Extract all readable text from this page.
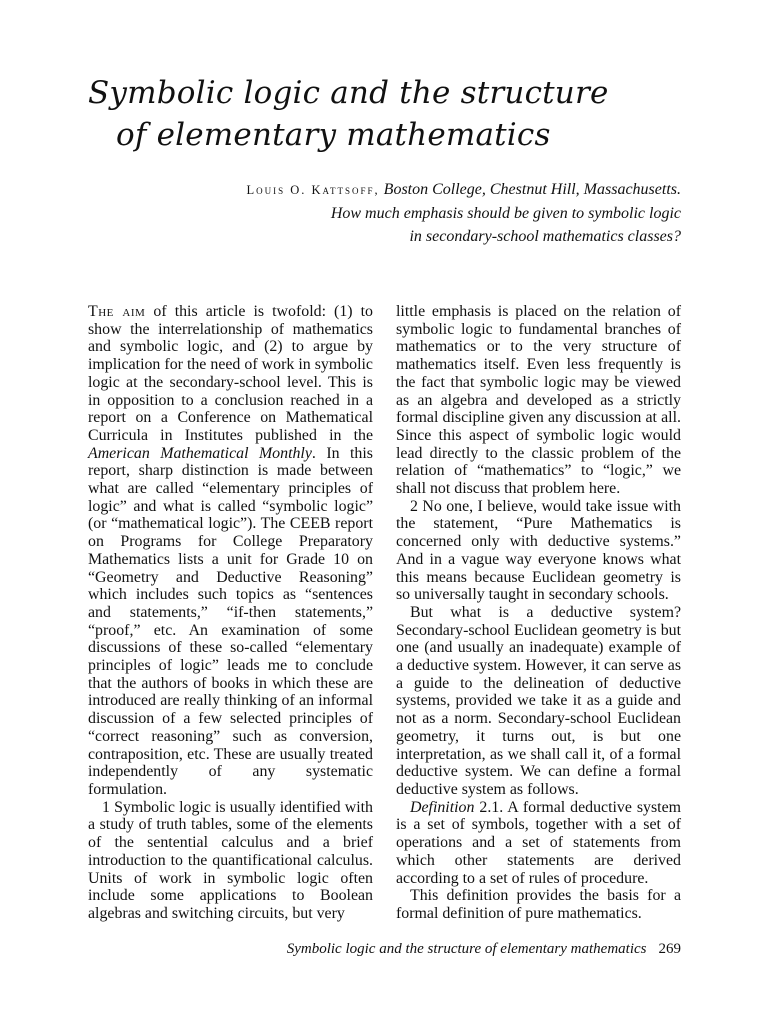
Symbolic logic and the structure
of elementary mathematics
Louis O. Kattsoff, Boston College, Chestnut Hill, Massachusetts.
How much emphasis should be given to symbolic logic
in secondary-school mathematics classes?

The aim of this article is twofold: (1) to show the interrelationship of mathematics and symbolic logic, and (2) to argue by implication for the need of work in symbolic logic at the secondary-school level. This is in opposition to a conclusion reached in a report on a Conference on Mathematical Curricula in Institutes published in the American Mathematical Monthly. In this report, sharp distinction is made between what are called “elementary principles of logic” and what is called “symbolic logic” (or “mathematical logic”). The CEEB report on Programs for College Preparatory Mathematics lists a unit for Grade 10 on “Geometry and Deductive Reasoning” which includes such topics as “sentences and statements,” “if-then statements,” “proof,” etc. An examination of some discussions of these so-called “elementary principles of logic” leads me to conclude that the authors of books in which these are introduced are really thinking of an informal discussion of a few selected principles of “correct reasoning” such as conversion, contraposition, etc. These are usually treated independently of any systematic formulation.

1 Symbolic logic is usually identified with a study of truth tables, some of the elements of the sentential calculus and a brief introduction to the quantificational calculus. Units of work in symbolic logic often include some applications to Boolean algebras and switching circuits, but very

little emphasis is placed on the relation of symbolic logic to fundamental branches of mathematics or to the very structure of mathematics itself. Even less frequently is the fact that symbolic logic may be viewed as an algebra and developed as a strictly formal discipline given any discussion at all. Since this aspect of symbolic logic would lead directly to the classic problem of the relation of “mathematics” to “logic,” we shall not discuss that problem here.

2 No one, I believe, would take issue with the statement, “Pure Mathematics is concerned only with deductive systems.” And in a vague way everyone knows what this means because Euclidean geometry is so universally taught in secondary schools.

But what is a deductive system? Secondary-school Euclidean geometry is but one (and usually an inadequate) example of a deductive system. However, it can serve as a guide to the delineation of deductive systems, provided we take it as a guide and not as a norm. Secondary-school Euclidean geometry, it turns out, is but one interpretation, as we shall call it, of a formal deductive system. We can define a formal deductive system as follows.

Definition 2.1. A formal deductive system is a set of symbols, together with a set of operations and a set of statements from which other statements are derived according to a set of rules of procedure.

This definition provides the basis for a formal definition of pure mathematics.

Symbolic logic and the structure of elementary mathematics 269
